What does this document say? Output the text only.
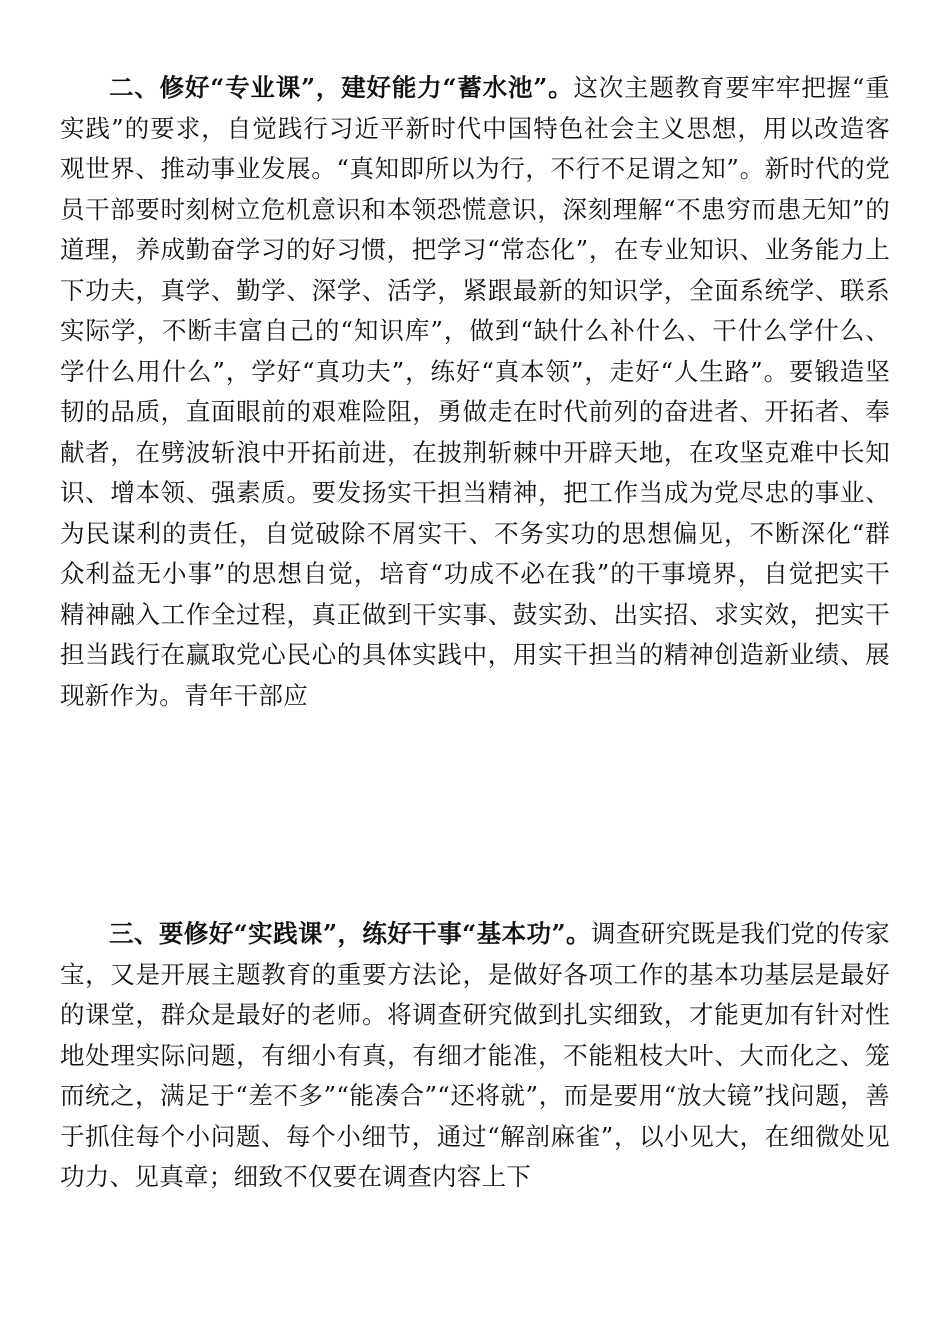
二、修好“专业课”，建好能力“蓄水池”。这次主题教育要牢牢把握“重实践”的要求，自觉践行习近平新时代中国特色社会主义思想，用以改造客观世界、推动事业发展。“真知即所以为行，不行不足谓之知”。新时代的党员干部要时刻树立危机意识和本领恐慌意识，深刻理解“不患穷而患无知”的道理，养成勤奋学习的好习惯，把学习“常态化”，在专业知识、业务能力上下功夫，真学、勤学、深学、活学，紧跟最新的知识学，全面系统学、联系实际学，不断丰富自己的“知识库”，做到“缺什么补什么、干什么学什么、学什么用什么”，学好“真功夫”，练好“真本领”，走好“人生路”。要锻造坚韧的品质，直面眼前的艰难险阻，勇做走在时代前列的奋进者、开拓者、奉献者，在劈波斩浪中开拓前进，在披荆斩棘中开辟天地，在攻坚克难中长知识、增本领、强素质。要发扬实干担当精神，把工作当成为党尽忠的事业、为民谋利的责任，自觉破除不屑实干、不务实功的思想偏见，不断深化“群众利益无小事”的思想自觉，培育“功成不必在我”的干事境界，自觉把实干精神融入工作全过程，真正做到干实事、鼓实劲、出实招、求实效，把实干担当践行在赢取党心民心的具体实践中，用实干担当的精神创造新业绩、展现新作为。青年干部应

三、要修好“实践课”，练好干事“基本功”。调查研究既是我们党的传家宝，又是开展主题教育的重要方法论，是做好各项工作的基本功基层是最好的课堂，群众是最好的老师。将调查研究做到扎实细致，才能更加有针对性地处理实际问题，有细小有真，有细才能准，不能粗枝大叶、大而化之、笼而统之，满足于“差不多”“能凑合”“还将就”，而是要用“放大镜”找问题，善于抓住每个小问题、每个小细节，通过“解剖麻雀”，以小见大，在细微处见功力、见真章；细致不仅要在调查内容上下
